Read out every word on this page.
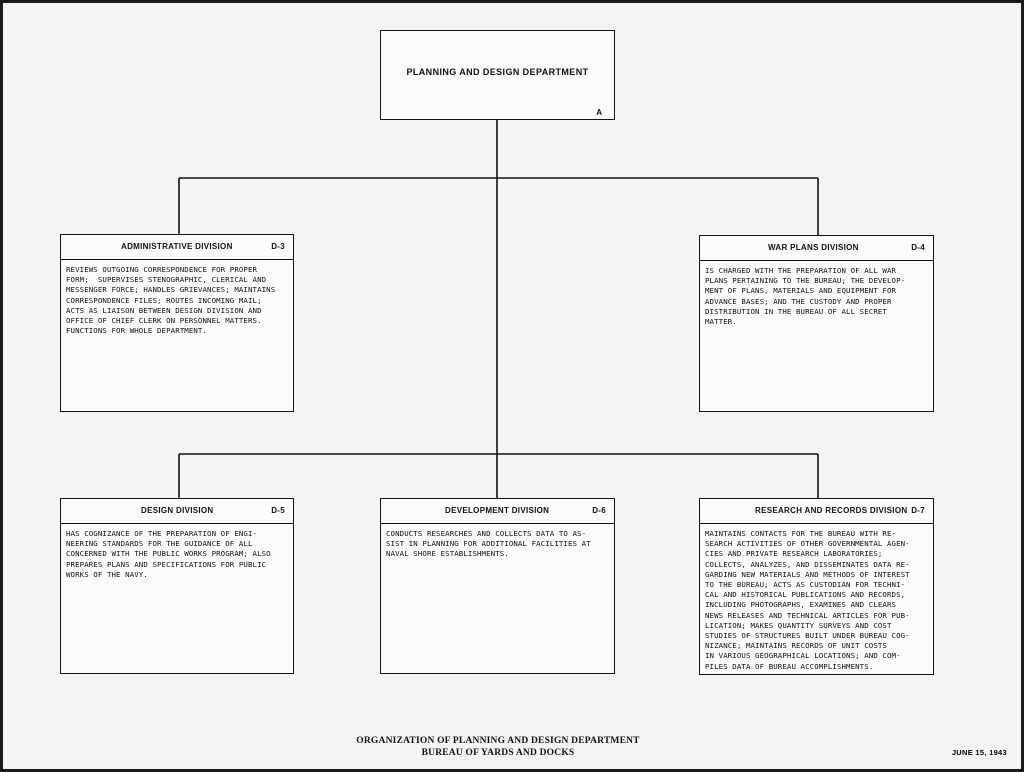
PLANNING AND DESIGN DEPARTMENT
A
ADMINISTRATIVE DIVISION	D-3
REVIEWS OUTGOING CORRESPONDENCE FOR PROPER
FORM;  SUPERVISES STENOGRAPHIC, CLERICAL AND
MESSENGER FORCE; HANDLES GRIEVANCES; MAINTAINS
CORRESPONDENCE FILES; ROUTES INCOMING MAIL;
ACTS AS LIAISON BETWEEN DESIGN DIVISION AND
OFFICE OF CHIEF CLERK ON PERSONNEL MATTERS.
FUNCTIONS FOR WHOLE DEPARTMENT.
WAR PLANS DIVISION	D-4
IS CHARGED WITH THE PREPARATION OF ALL WAR
PLANS PERTAINING TO THE BUREAU; THE DEVELOP-
MENT OF PLANS, MATERIALS AND EQUIPMENT FOR
ADVANCE BASES; AND THE CUSTODY AND PROPER
DISTRIBUTION IN THE BUREAU OF ALL SECRET
MATTER.
DESIGN DIVISION	D-5
HAS COGNIZANCE OF THE PREPARATION OF ENGI-
NEERING STANDARDS FOR THE GUIDANCE OF ALL
CONCERNED WITH THE PUBLIC WORKS PROGRAM; ALSO
PREPARES PLANS AND SPECIFICATIONS FOR PUBLIC
WORKS OF THE NAVY.
DEVELOPMENT DIVISION	D-6
CONDUCTS RESEARCHES AND COLLECTS DATA TO AS-
SIST IN PLANNING FOR ADDITIONAL FACILITIES AT
NAVAL SHORE ESTABLISHMENTS.
RESEARCH AND RECORDS DIVISION D-7
MAINTAINS CONTACTS FOR THE BUREAU WITH RE-
SEARCH ACTIVITIES OF OTHER GOVERNMENTAL AGEN-
CIES AND PRIVATE RESEARCH LABORATORIES;
COLLECTS, ANALYZES, AND DISSEMINATES DATA RE-
GARDING NEW MATERIALS AND METHODS OF INTEREST
TO THE BUREAU; ACTS AS CUSTODIAN FOR TECHNI-
CAL AND HISTORICAL PUBLICATIONS AND RECORDS,
INCLUDING PHOTOGRAPHS, EXAMINES AND CLEARS
NEWS RELEASES AND TECHNICAL ARTICLES FOR PUB-
LICATION; MAKES QUANTITY SURVEYS AND COST
STUDIES OF STRUCTURES BUILT UNDER BUREAU COG-
NIZANCE; MAINTAINS RECORDS OF UNIT COSTS
IN VARIOUS GEOGRAPHICAL LOCATIONS; AND COM-
PILES DATA OF BUREAU ACCOMPLISHMENTS.
ORGANIZATION OF PLANNING AND DESIGN DEPARTMENT
BUREAU OF YARDS AND DOCKS	JUNE 15, 1943
